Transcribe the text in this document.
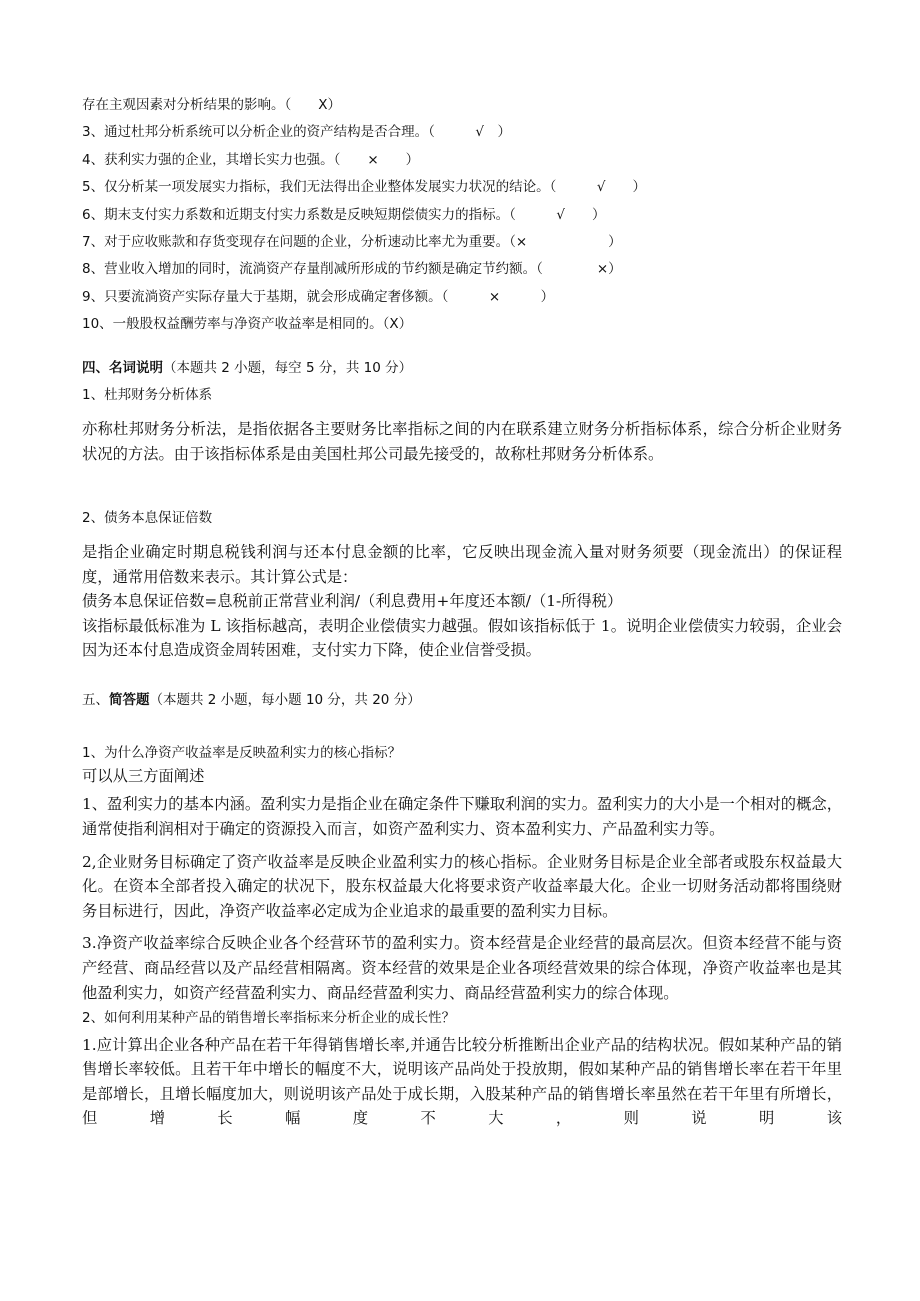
存在主观因素对分析结果的影响。（　　X）
3、通过杜邦分析系统可以分析企业的资产结构是否合理。（　　　√　）
4、获利实力强的企业，其增长实力也强。（　　×　　）
5、仅分析某一项发展实力指标，我们无法得出企业整体发展实力状况的结论。（　　　√　　）
6、期末支付实力系数和近期支付实力系数是反映短期偿债实力的指标。（　　　√　　）
7、对于应收账款和存货变现存在问题的企业，分析速动比率尤为重要。（×　　　　　　）
8、营业收入增加的同时，流淌资产存量削减所形成的节约额是确定节约额。（　　　　×）
9、只要流淌资产实际存量大于基期，就会形成确定奢侈额。（　　　×　　　）
10、一般股权益酬劳率与净资产收益率是相同的。（X）
四、名词说明（本题共 2 小题，每空 5 分，共 10 分）
1、杜邦财务分析体系
亦称杜邦财务分析法，是指依据各主要财务比率指标之间的内在联系建立财务分析指标体系，综合分析企业财务状况的方法。由于该指标体系是由美国杜邦公司最先接受的，故称杜邦财务分析体系。
2、债务本息保证倍数
是指企业确定时期息税钱利润与还本付息金额的比率，它反映出现金流入量对财务须要（现金流出）的保证程度，通常用倍数来表示。其计算公式是：
债务本息保证倍数=息税前正常营业利润/（利息费用+年度还本额/（1-所得税）
该指标最低标准为 L 该指标越高，表明企业偿债实力越强。假如该指标低于 1。说明企业偿债实力较弱，企业会因为还本付息造成资金周转困难，支付实力下降，使企业信誉受损。
五、简答题（本题共 2 小题，每小题 10 分，共 20 分）
1、为什么净资产收益率是反映盈利实力的核心指标？
可以从三方面阐述
1、盈利实力的基本内涵。盈利实力是指企业在确定条件下赚取利润的实力。盈利实力的大小是一个相对的概念，通常使指利润相对于确定的资源投入而言，如资产盈利实力、资本盈利实力、产品盈利实力等。
2,企业财务目标确定了资产收益率是反映企业盈利实力的核心指标。企业财务目标是企业全部者或股东权益最大化。在资本全部者投入确定的状况下，股东权益最大化将要求资产收益率最大化。企业一切财务活动都将围绕财务目标进行，因此，净资产收益率必定成为企业追求的最重要的盈利实力目标。
3.净资产收益率综合反映企业各个经营环节的盈利实力。资本经营是企业经营的最高层次。但资本经营不能与资产经营、商品经营以及产品经营相隔离。资本经营的效果是企业各项经营效果的综合体现，净资产收益率也是其他盈利实力，如资产经营盈利实力、商品经营盈利实力、商品经营盈利实力的综合体现。
2、如何利用某种产品的销售增长率指标来分析企业的成长性？
1.应计算出企业各种产品在若干年得销售增长率,并通告比较分析推断出企业产品的结构状况。假如某种产品的销售增长率较低。且若干年中增长的幅度不大，说明该产品尚处于投放期，假如某种产品的销售增长率在若干年里是部增长，且增长幅度加大，则说明该产品处于成长期，入股某种产品的销售增长率虽然在若干年里有所增长，但增长幅度不大，则说明该
